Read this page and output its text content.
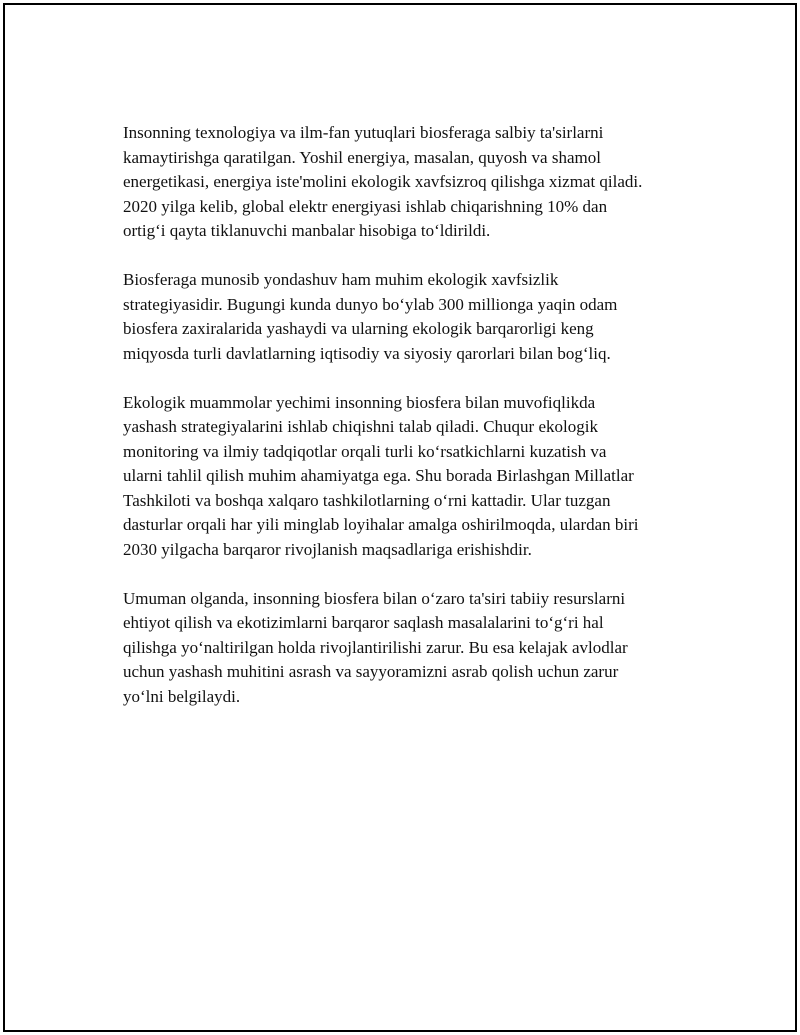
Insonning texnologiya va ilm-fan yutuqlari biosferaga salbiy ta'sirlarni
kamaytirishga qaratilgan. Yoshil energiya, masalan, quyosh va shamol
energetikasi, energiya iste'molini ekologik xavfsizroq qilishga xizmat qiladi.
2020 yilga kelib, global elektr energiyasi ishlab chiqarishning 10% dan
ortig‘i qayta tiklanuvchi manbalar hisobiga to‘ldirildi.

Biosferaga munosib yondashuv ham muhim ekologik xavfsizlik
strategiyasidir. Bugungi kunda dunyo bo‘ylab 300 millionga yaqin odam
biosfera zaxiralarida yashaydi va ularning ekologik barqarorligi keng
miqyosda turli davlatlarning iqtisodiy va siyosiy qarorlari bilan bog‘liq.

Ekologik muammolar yechimi insonning biosfera bilan muvofiqlikda
yashash strategiyalarini ishlab chiqishni talab qiladi. Chuqur ekologik
monitoring va ilmiy tadqiqotlar orqali turli ko‘rsatkichlarni kuzatish va
ularni tahlil qilish muhim ahamiyatga ega. Shu borada Birlashgan Millatlar
Tashkiloti va boshqa xalqaro tashkilotlarning o‘rni kattadir. Ular tuzgan
dasturlar orqali har yili minglab loyihalar amalga oshirilmoqda, ulardan biri
2030 yilgacha barqaror rivojlanish maqsadlariga erishishdir.

Umuman olganda, insonning biosfera bilan o‘zaro ta'siri tabiiy resurslarni
ehtiyot qilish va ekotizimlarni barqaror saqlash masalalarini to‘g‘ri hal
qilishga yo‘naltirilgan holda rivojlantirilishi zarur. Bu esa kelajak avlodlar
uchun yashash muhitini asrash va sayyoramizni asrab qolish uchun zarur
yo‘lni belgilaydi.
